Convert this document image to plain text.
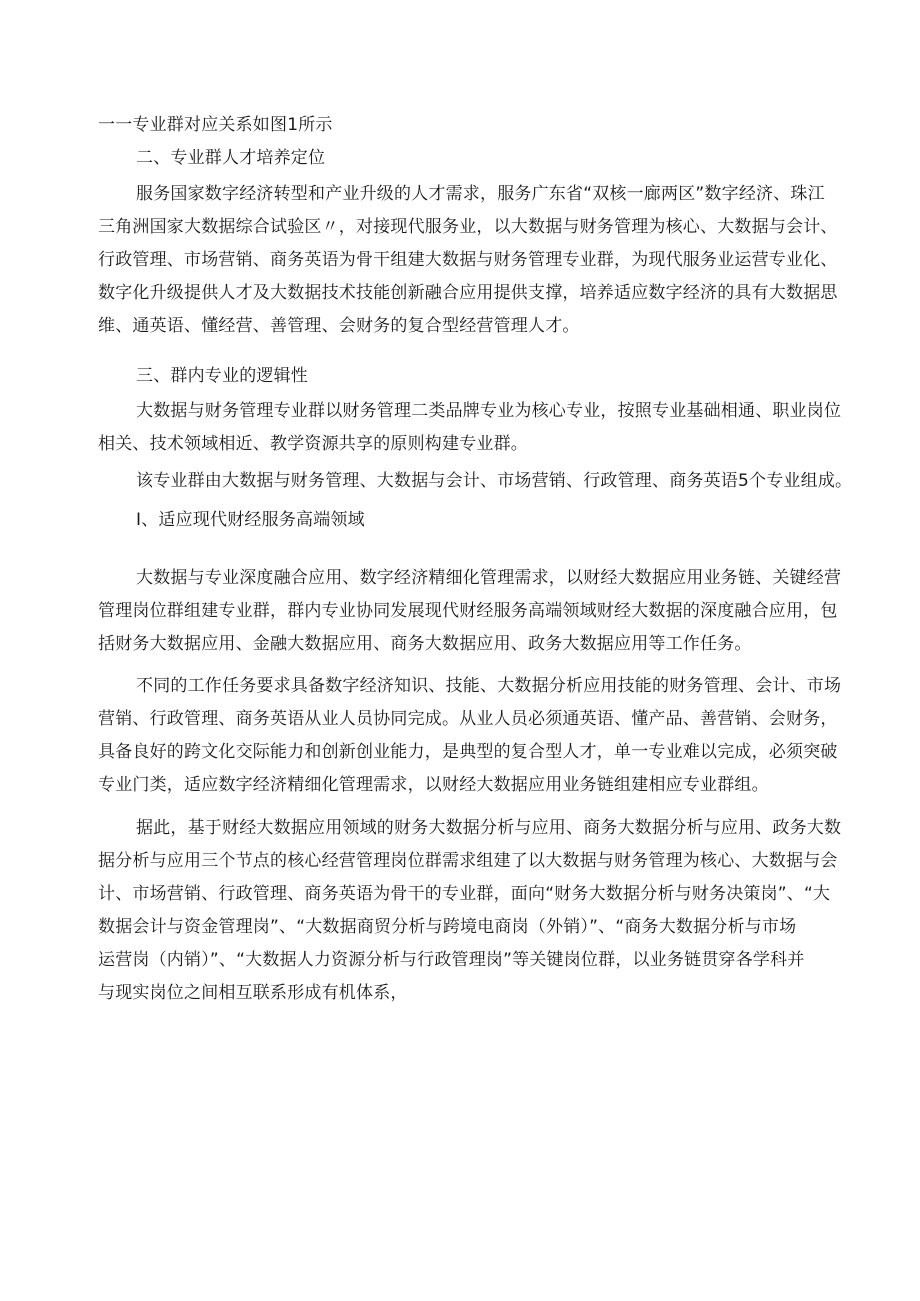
一一专业群对应关系如图1所示
二、专业群人才培养定位
服务国家数字经济转型和产业升级的人才需求，服务广东省“双核一廊两区”数字经济、珠江
三角洲国家大数据综合试验区〃，对接现代服务业，以大数据与财务管理为核心、大数据与会计、
行政管理、市场营销、商务英语为骨干组建大数据与财务管理专业群，为现代服务业运营专业化、
数字化升级提供人才及大数据技术技能创新融合应用提供支撑，培养适应数字经济的具有大数据思
维、通英语、懂经营、善管理、会财务的复合型经营管理人才。
三、群内专业的逻辑性
大数据与财务管理专业群以财务管理二类品牌专业为核心专业，按照专业基础相通、职业岗位
相关、技术领域相近、教学资源共享的原则构建专业群。
该专业群由大数据与财务管理、大数据与会计、市场营销、行政管理、商务英语5个专业组成。
I、适应现代财经服务高端领域
大数据与专业深度融合应用、数字经济精细化管理需求，以财经大数据应用业务链、关键经营
管理岗位群组建专业群，群内专业协同发展现代财经服务高端领域财经大数据的深度融合应用，包
括财务大数据应用、金融大数据应用、商务大数据应用、政务大数据应用等工作任务。
不同的工作任务要求具备数字经济知识、技能、大数据分析应用技能的财务管理、会计、市场
营销、行政管理、商务英语从业人员协同完成。从业人员必须通英语、懂产品、善营销、会财务，
具备良好的跨文化交际能力和创新创业能力，是典型的复合型人才，单一专业难以完成，必须突破
专业门类，适应数字经济精细化管理需求，以财经大数据应用业务链组建相应专业群组。
据此，基于财经大数据应用领域的财务大数据分析与应用、商务大数据分析与应用、政务大数
据分析与应用三个节点的核心经营管理岗位群需求组建了以大数据与财务管理为核心、大数据与会
计、市场营销、行政管理、商务英语为骨干的专业群，面向“财务大数据分析与财务决策岗”、“大
数据会计与资金管理岗”、“大数据商贸分析与跨境电商岗（外销）”、“商务大数据分析与市场
运营岗（内销）”、“大数据人力资源分析与行政管理岗”等关键岗位群，以业务链贯穿各学科并
与现实岗位之间相互联系形成有机体系，
